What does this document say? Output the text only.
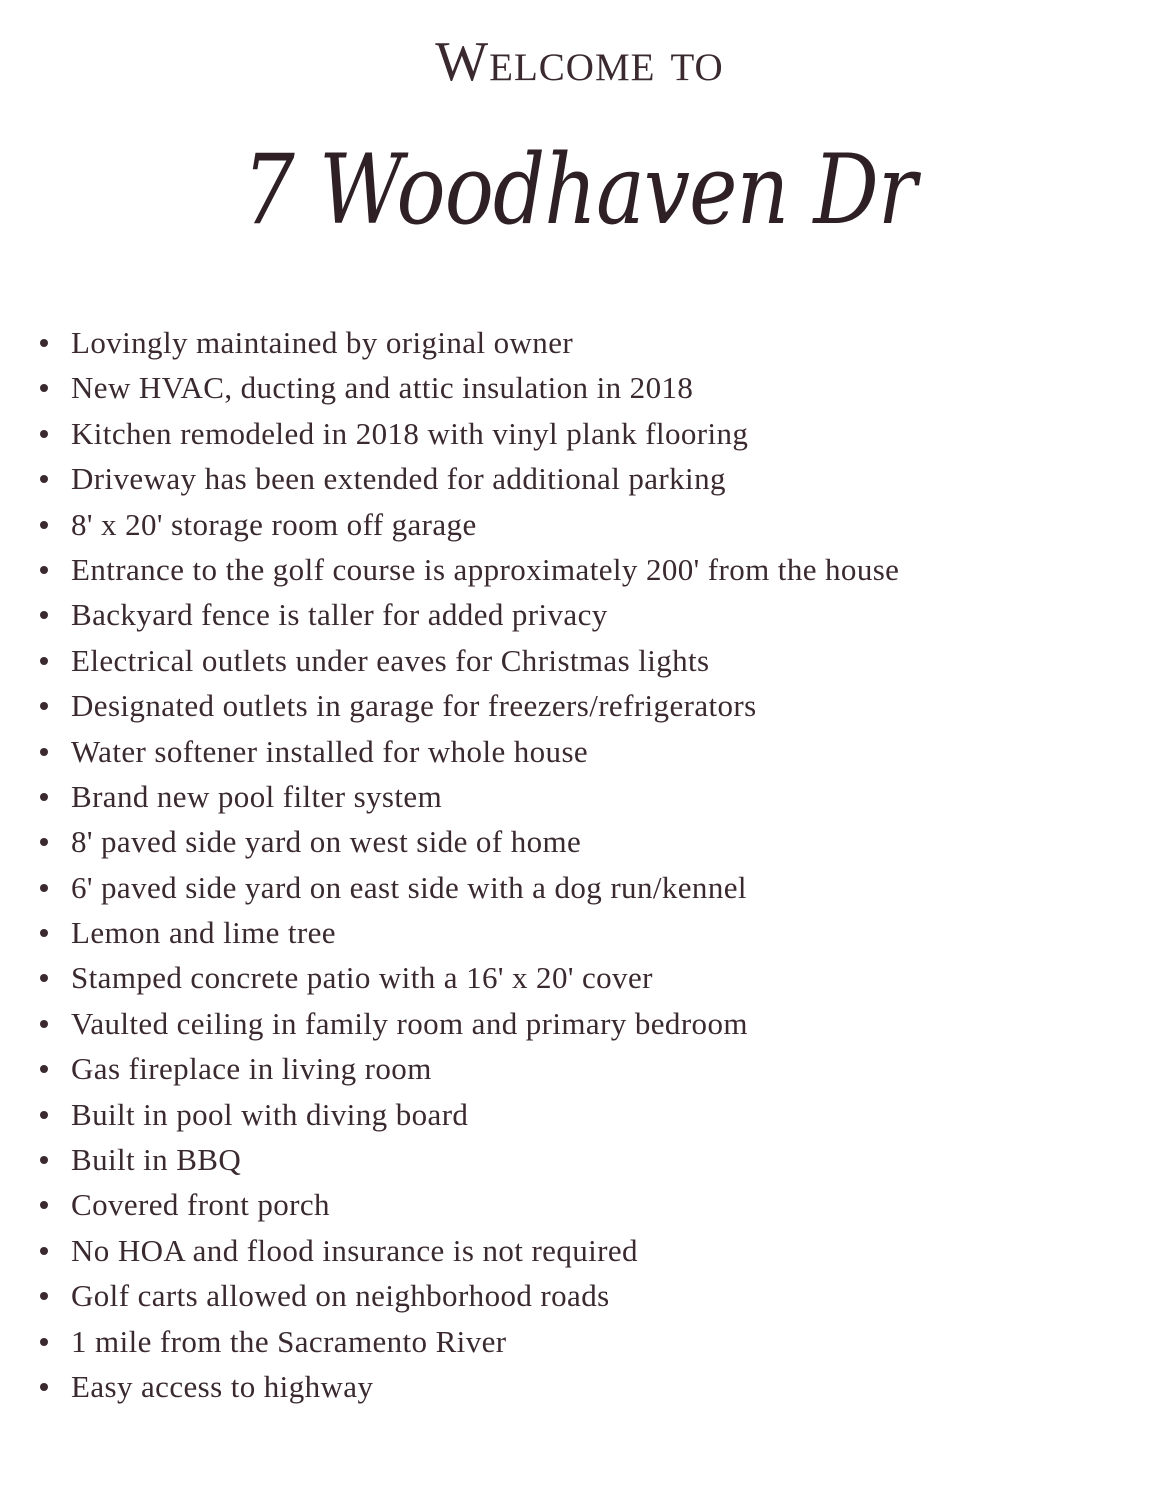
Welcome to
7 Woodhaven Dr
Lovingly maintained by original owner
New HVAC, ducting and attic insulation in 2018
Kitchen remodeled in 2018 with vinyl plank flooring
Driveway has been extended for additional parking
8' x 20' storage room off garage
Entrance to the golf course is approximately 200' from the house
Backyard fence is taller for added privacy
Electrical outlets under eaves for Christmas lights
Designated outlets in garage for freezers/refrigerators
Water softener installed for whole house
Brand new pool filter system
8' paved side yard on west side of home
6' paved side yard on east side with a dog run/kennel
Lemon and lime tree
Stamped concrete patio with a 16' x 20' cover
Vaulted ceiling in family room and primary bedroom
Gas fireplace in living room
Built in pool with diving board
Built in BBQ
Covered front porch
No HOA and flood insurance is not required
Golf carts allowed on neighborhood roads
1 mile from the Sacramento River
Easy access to highway
